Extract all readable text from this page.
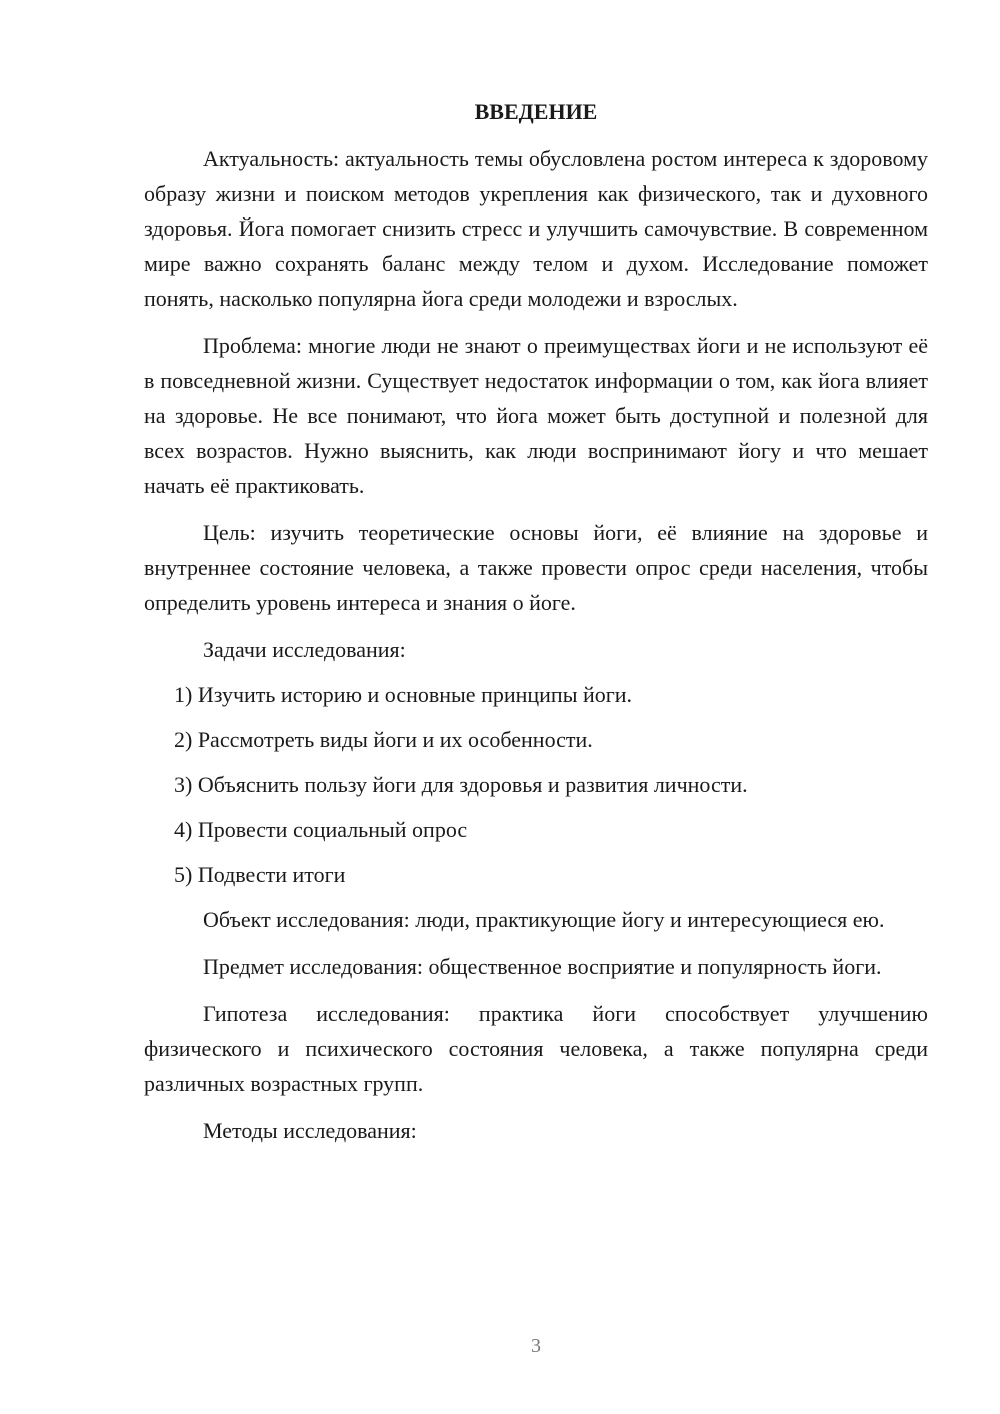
ВВЕДЕНИЕ

Актуальность: актуальность темы обусловлена ростом интереса к здоровому образу жизни и поиском методов укрепления как физического, так и духовного здоровья. Йога помогает снизить стресс и улучшить самочувствие. В современном мире важно сохранять баланс между телом и духом. Исследование поможет понять, насколько популярна йога среди молодежи и взрослых.

Проблема: многие люди не знают о преимуществах йоги и не используют её в повседневной жизни. Существует недостаток информации о том, как йога влияет на здоровье. Не все понимают, что йога может быть доступной и полезной для всех возрастов. Нужно выяснить, как люди воспринимают йогу и что мешает начать её практиковать.

Цель: изучить теоретические основы йоги, её влияние на здоровье и внутреннее состояние человека, а также провести опрос среди населения, чтобы определить уровень интереса и знания о йоге.

Задачи исследования:
1) Изучить историю и основные принципы йоги.
2) Рассмотреть виды йоги и их особенности.
3) Объяснить пользу йоги для здоровья и развития личности.
4) Провести социальный опрос
5) Подвести итоги

Объект исследования: люди, практикующие йогу и интересующиеся ею.

Предмет исследования: общественное восприятие и популярность йоги.

Гипотеза исследования: практика йоги способствует улучшению физического и психического состояния человека, а также популярна среди различных возрастных групп.

Методы исследования:
3
